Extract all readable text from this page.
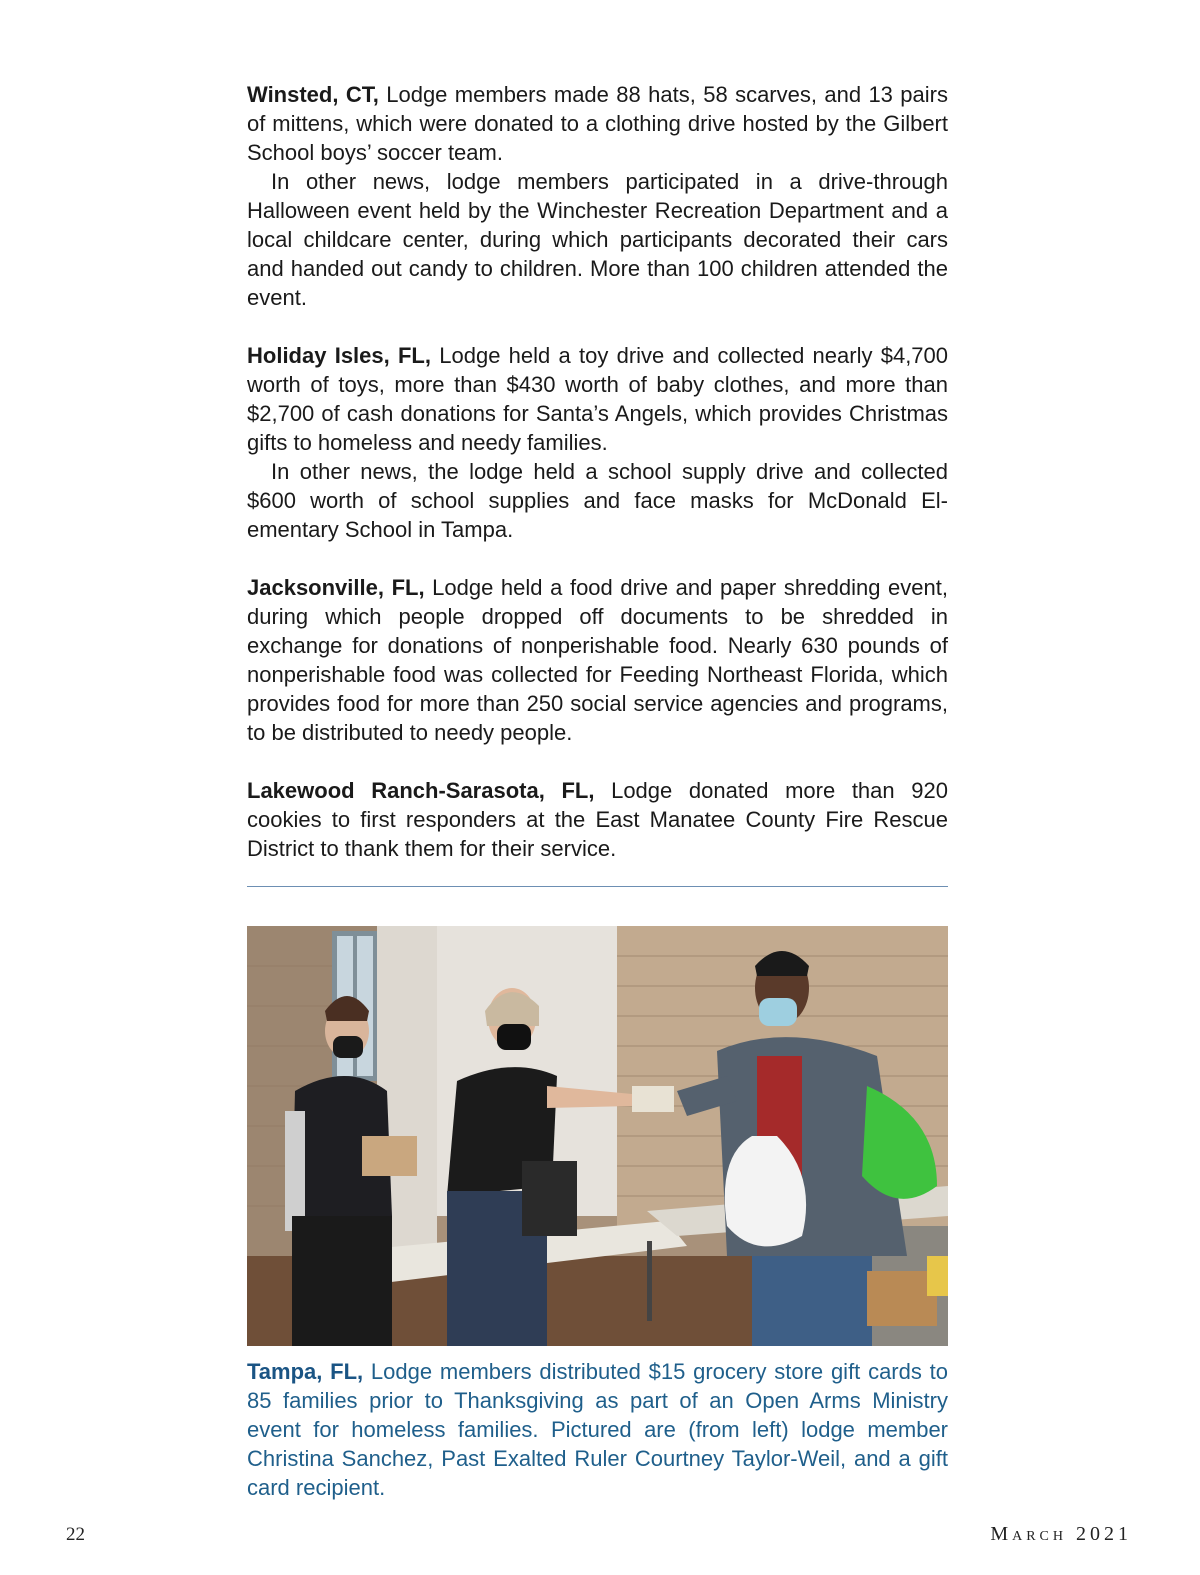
Winsted, CT, Lodge members made 88 hats, 58 scarves, and 13 pairs of mittens, which were donated to a clothing drive hosted by the Gilbert School boys’ soccer team.

In other news, lodge members participated in a drive-through Halloween event held by the Winchester Recreation Department and a local childcare center, during which participants decorated their cars and handed out candy to children. More than 100 children attended the event.

Holiday Isles, FL, Lodge held a toy drive and collected nearly $4,700 worth of toys, more than $430 worth of baby clothes, and more than $2,700 of cash donations for Santa’s Angels, which provides Christmas gifts to homeless and needy families.

In other news, the lodge held a school supply drive and collected $600 worth of school supplies and face masks for McDonald El-ementary School in Tampa.

Jacksonville, FL, Lodge held a food drive and paper shredding event, during which people dropped off documents to be shredded in exchange for donations of nonperishable food. Nearly 630 pounds of nonperishable food was collected for Feeding Northeast Florida, which provides food for more than 250 social service agencies and programs, to be distributed to needy people.

Lakewood Ranch-Sarasota, FL, Lodge donated more than 920 cookies to first responders at the East Manatee County Fire Rescue District to thank them for their service.

Tampa, FL, Lodge members distributed $15 grocery store gift cards to 85 families prior to Thanksgiving as part of an Open Arms Ministry event for homeless families. Pictured are (from left) lodge member Christina Sanchez, Past Exalted Ruler Courtney Taylor-Weil, and a gift card recipient.

22	March 2021
